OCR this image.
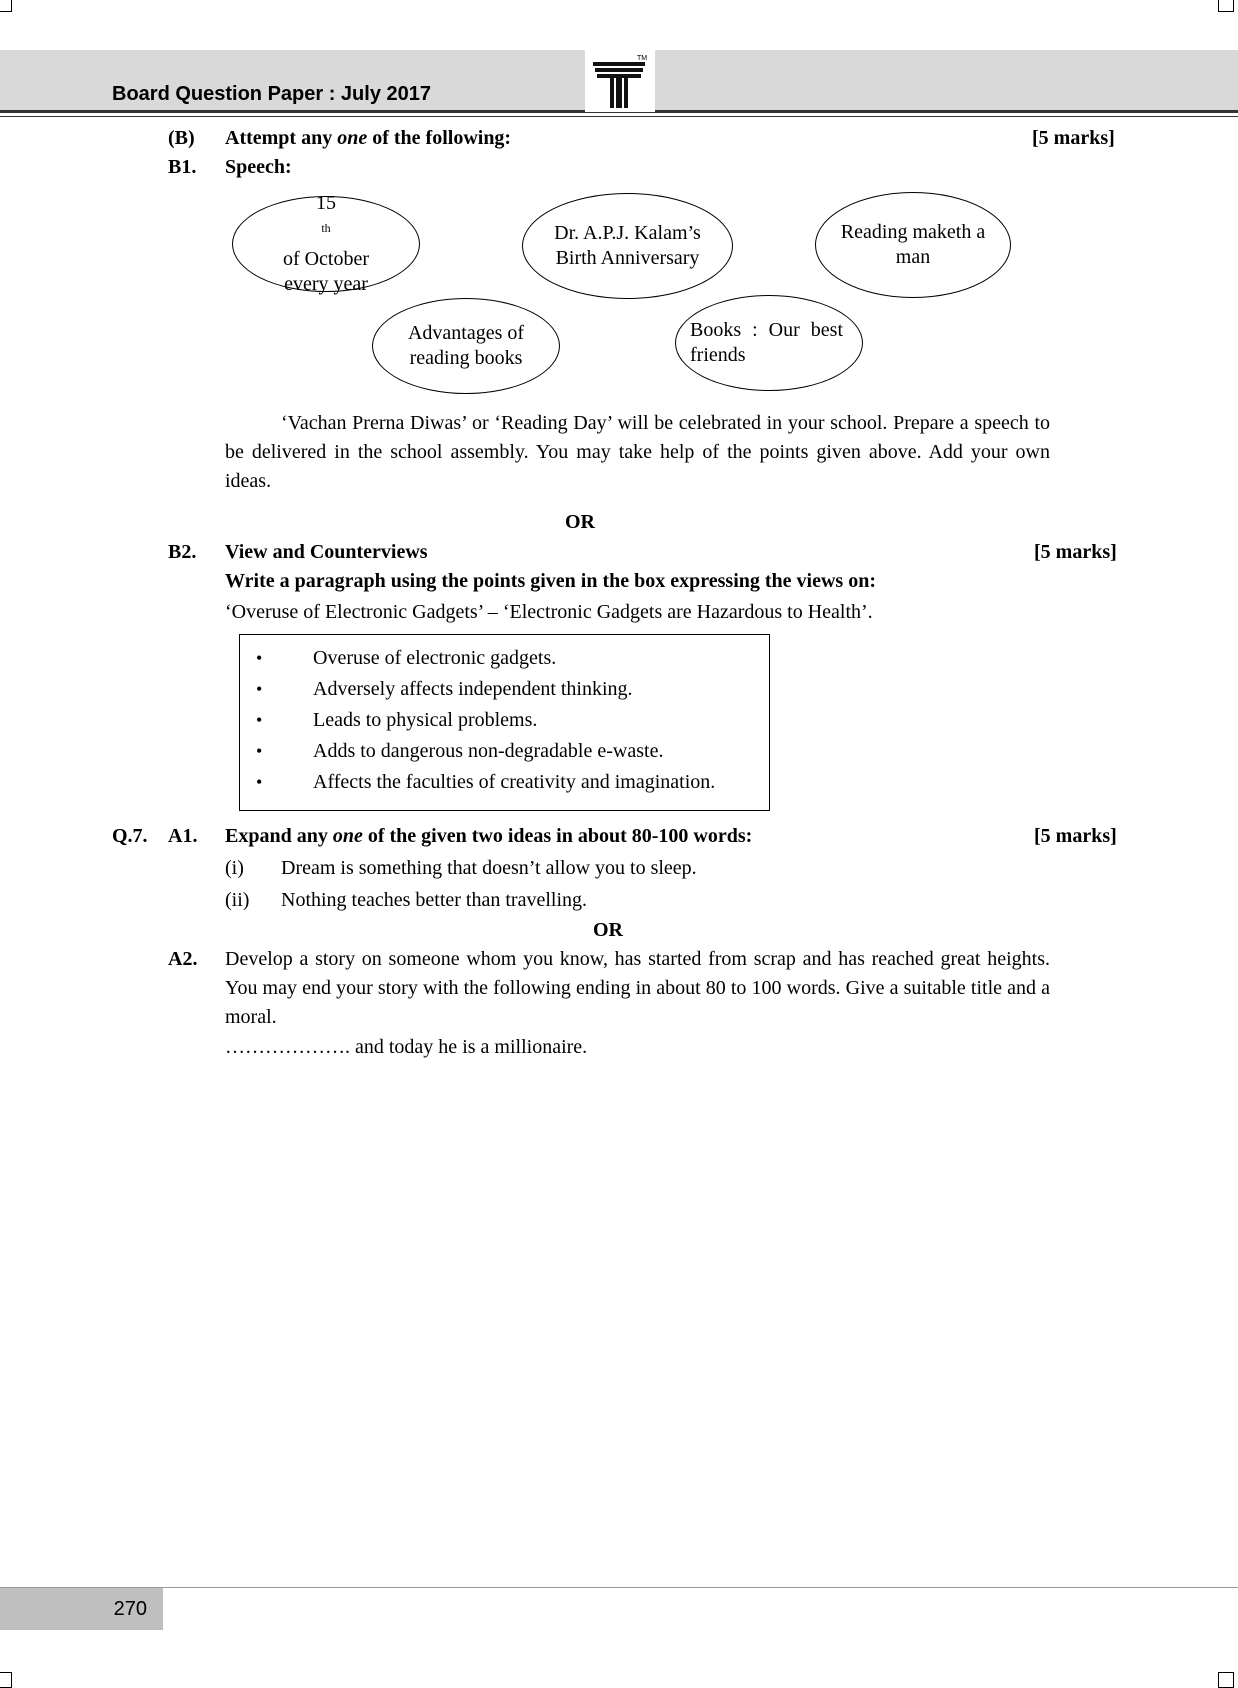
Board Question Paper : July 2017
TM
(B) Attempt any one of the following:	[5 marks]
B1. Speech:
15
$^{th}$
of October
every year
Dr. A.P.J. Kalam’s
Birth Anniversary
Reading maketh a
man
Advantages of
reading books
Books : Our best
friends
‘Vachan Prerna Diwas’ or ‘Reading Day’ will be celebrated in your school. Prepare a speech to be delivered in the school assembly. You may take help of the points given above. Add your own ideas.
OR
B2. View and Counterviews	[5 marks]
Write a paragraph using the points given in the box expressing the views on:
‘Overuse of Electronic Gadgets’ – ‘Electronic Gadgets are Hazardous to Health’.
•	Overuse of electronic gadgets.
•	Adversely affects independent thinking.
•	Leads to physical problems.
•	Adds to dangerous non-degradable e-waste.
•	Affects the faculties of creativity and imagination.
Q.7. A1. Expand any one of the given two ideas in about 80-100 words:	[5 marks]
(i) Dream is something that doesn’t allow you to sleep.
(ii) Nothing teaches better than travelling.
OR
A2. Develop a story on someone whom you know, has started from scrap and has reached great heights. You may end your story with the following ending in about 80 to 100 words. Give a suitable title and a moral.
………………. and today he is a millionaire.
270
